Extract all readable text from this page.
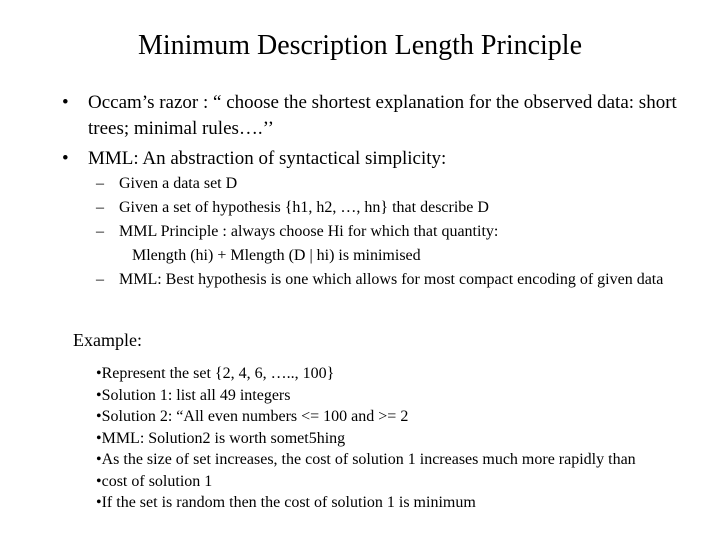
Minimum Description Length Principle
• Occam’s razor : “ choose the shortest explanation for the observed data: short trees; minimal rules….’’
• MML: An abstraction of syntactical simplicity:
– Given a data set D
– Given a set of hypothesis {h1, h2, …, hn} that describe D
– MML Principle : always choose Hi for which that quantity:
Mlength (hi) + Mlength (D | hi) is minimised
– MML: Best hypothesis is one which allows for most compact encoding of given data
Example:
•Represent the set {2, 4, 6, ….., 100}
•Solution 1: list all 49 integers
•Solution 2: “All even numbers <= 100 and >= 2
•MML: Solution2 is worth somet5hing
•As the size of set increases, the cost of solution 1 increases much more rapidly than
•cost of solution 1
•If the set is random then the cost of solution 1 is minimum
